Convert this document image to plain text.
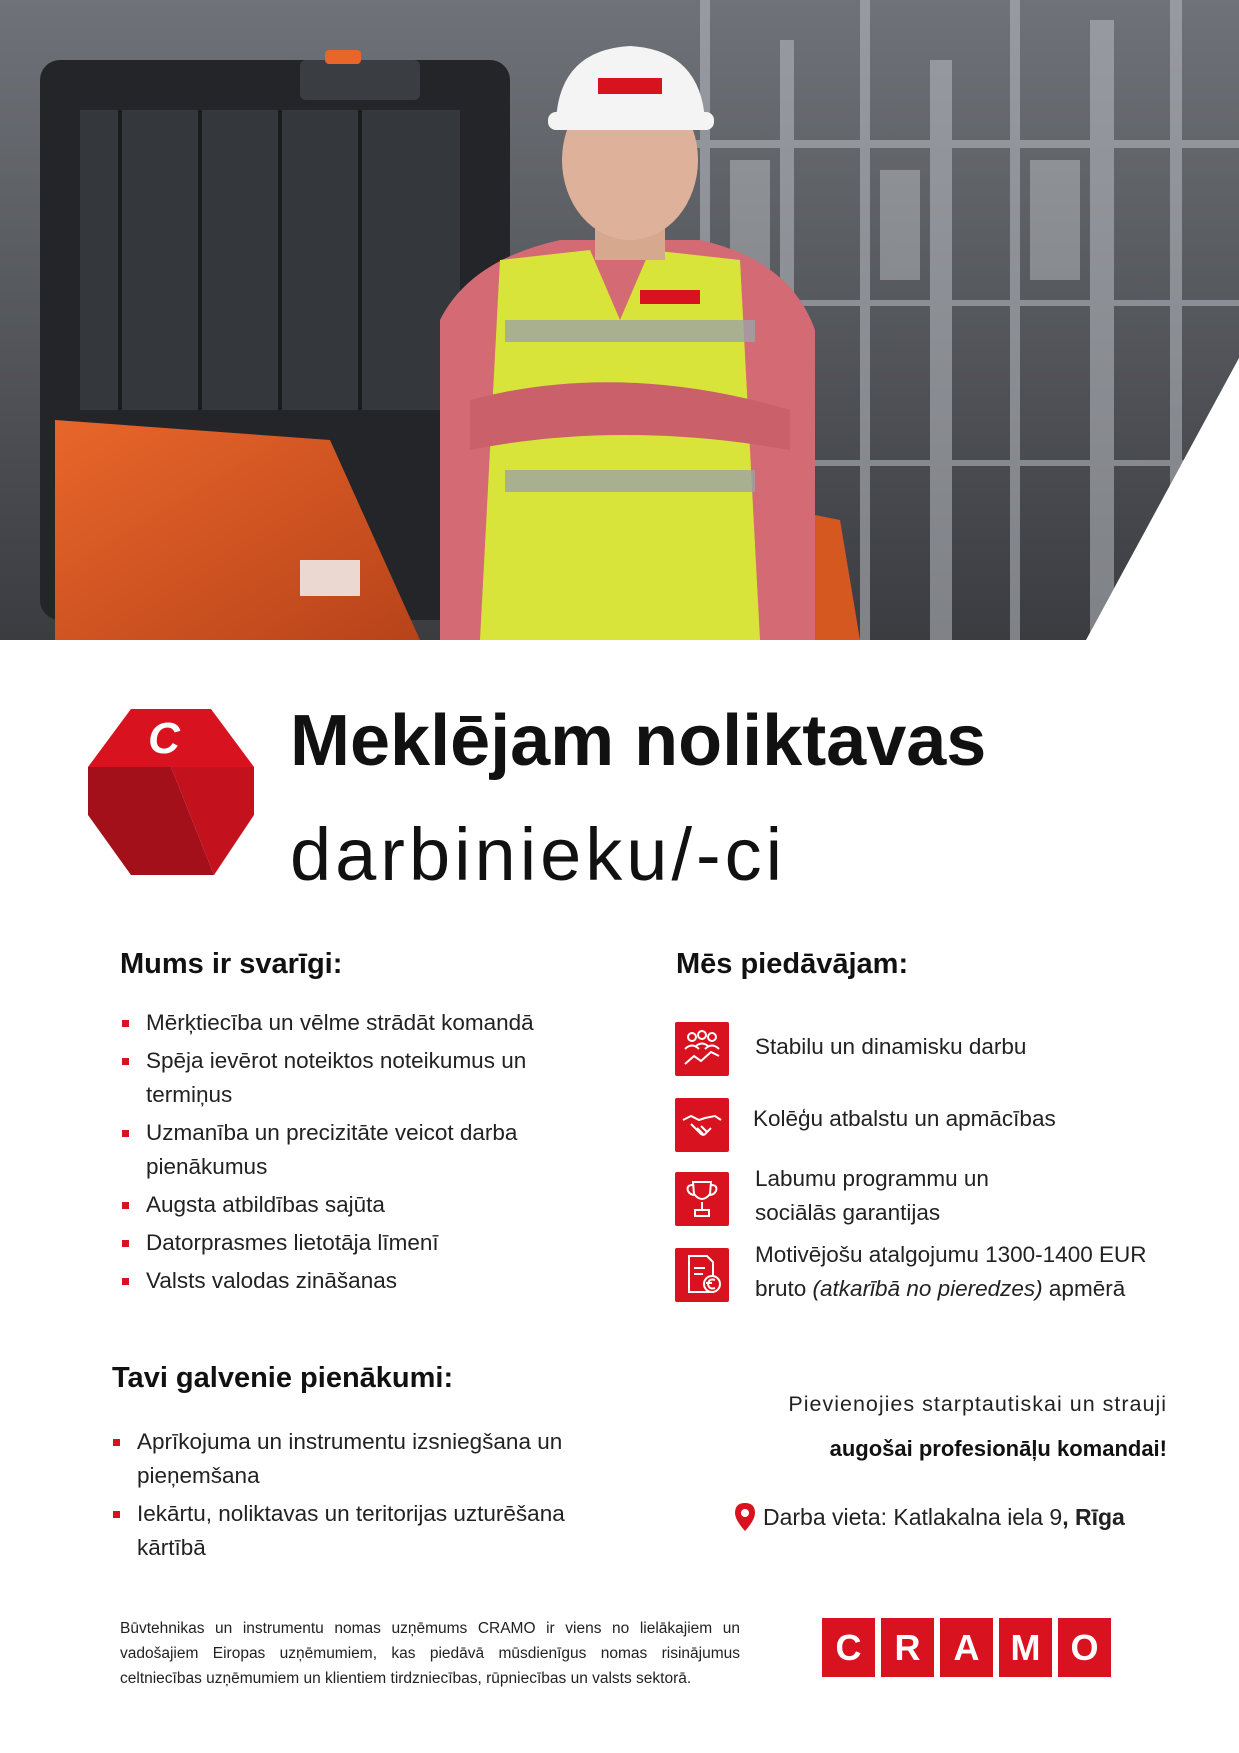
C Meklējam noliktavas
darbinieku/-ci
Mums ir svarīgi:
Mērķtiecība un vēlme strādāt komandā
Spēja ievērot noteiktos noteikumus un termiņus
Uzmanība un precizitāte veicot darba pienākumus
Augsta atbildības sajūta
Datorprasmes lietotāja līmenī
Valsts valodas zināšanas
Mēs piedāvājam:
Stabilu un dinamisku darbu
Kolēģu atbalstu un apmācības
Labumu programmu un sociālās garantijas
Motivējošu atalgojumu 1300-1400 EUR bruto (atkarībā no pieredzes) apmērā
Tavi galvenie pienākumi:
Aprīkojuma un instrumentu izsniegšana un pieņemšana
Iekārtu, noliktavas un teritorijas uzturēšana kārtībā
Pievienojies starptautiskai un strauji
augošai profesionāļu komandai!
Darba vieta: Katlakalna iela 9 , Rīga
Būvtehnikas un instrumentu nomas uzņēmums CRAMO ir viens no lielākajiem un vadošajiem Eiropas uzņēmumiem, kas piedāvā mūsdienīgus nomas risinājumus celtniecības uzņēmumiem un klientiem tirdzniecības, rūpniecības un valsts sektorā.
C R A M O
